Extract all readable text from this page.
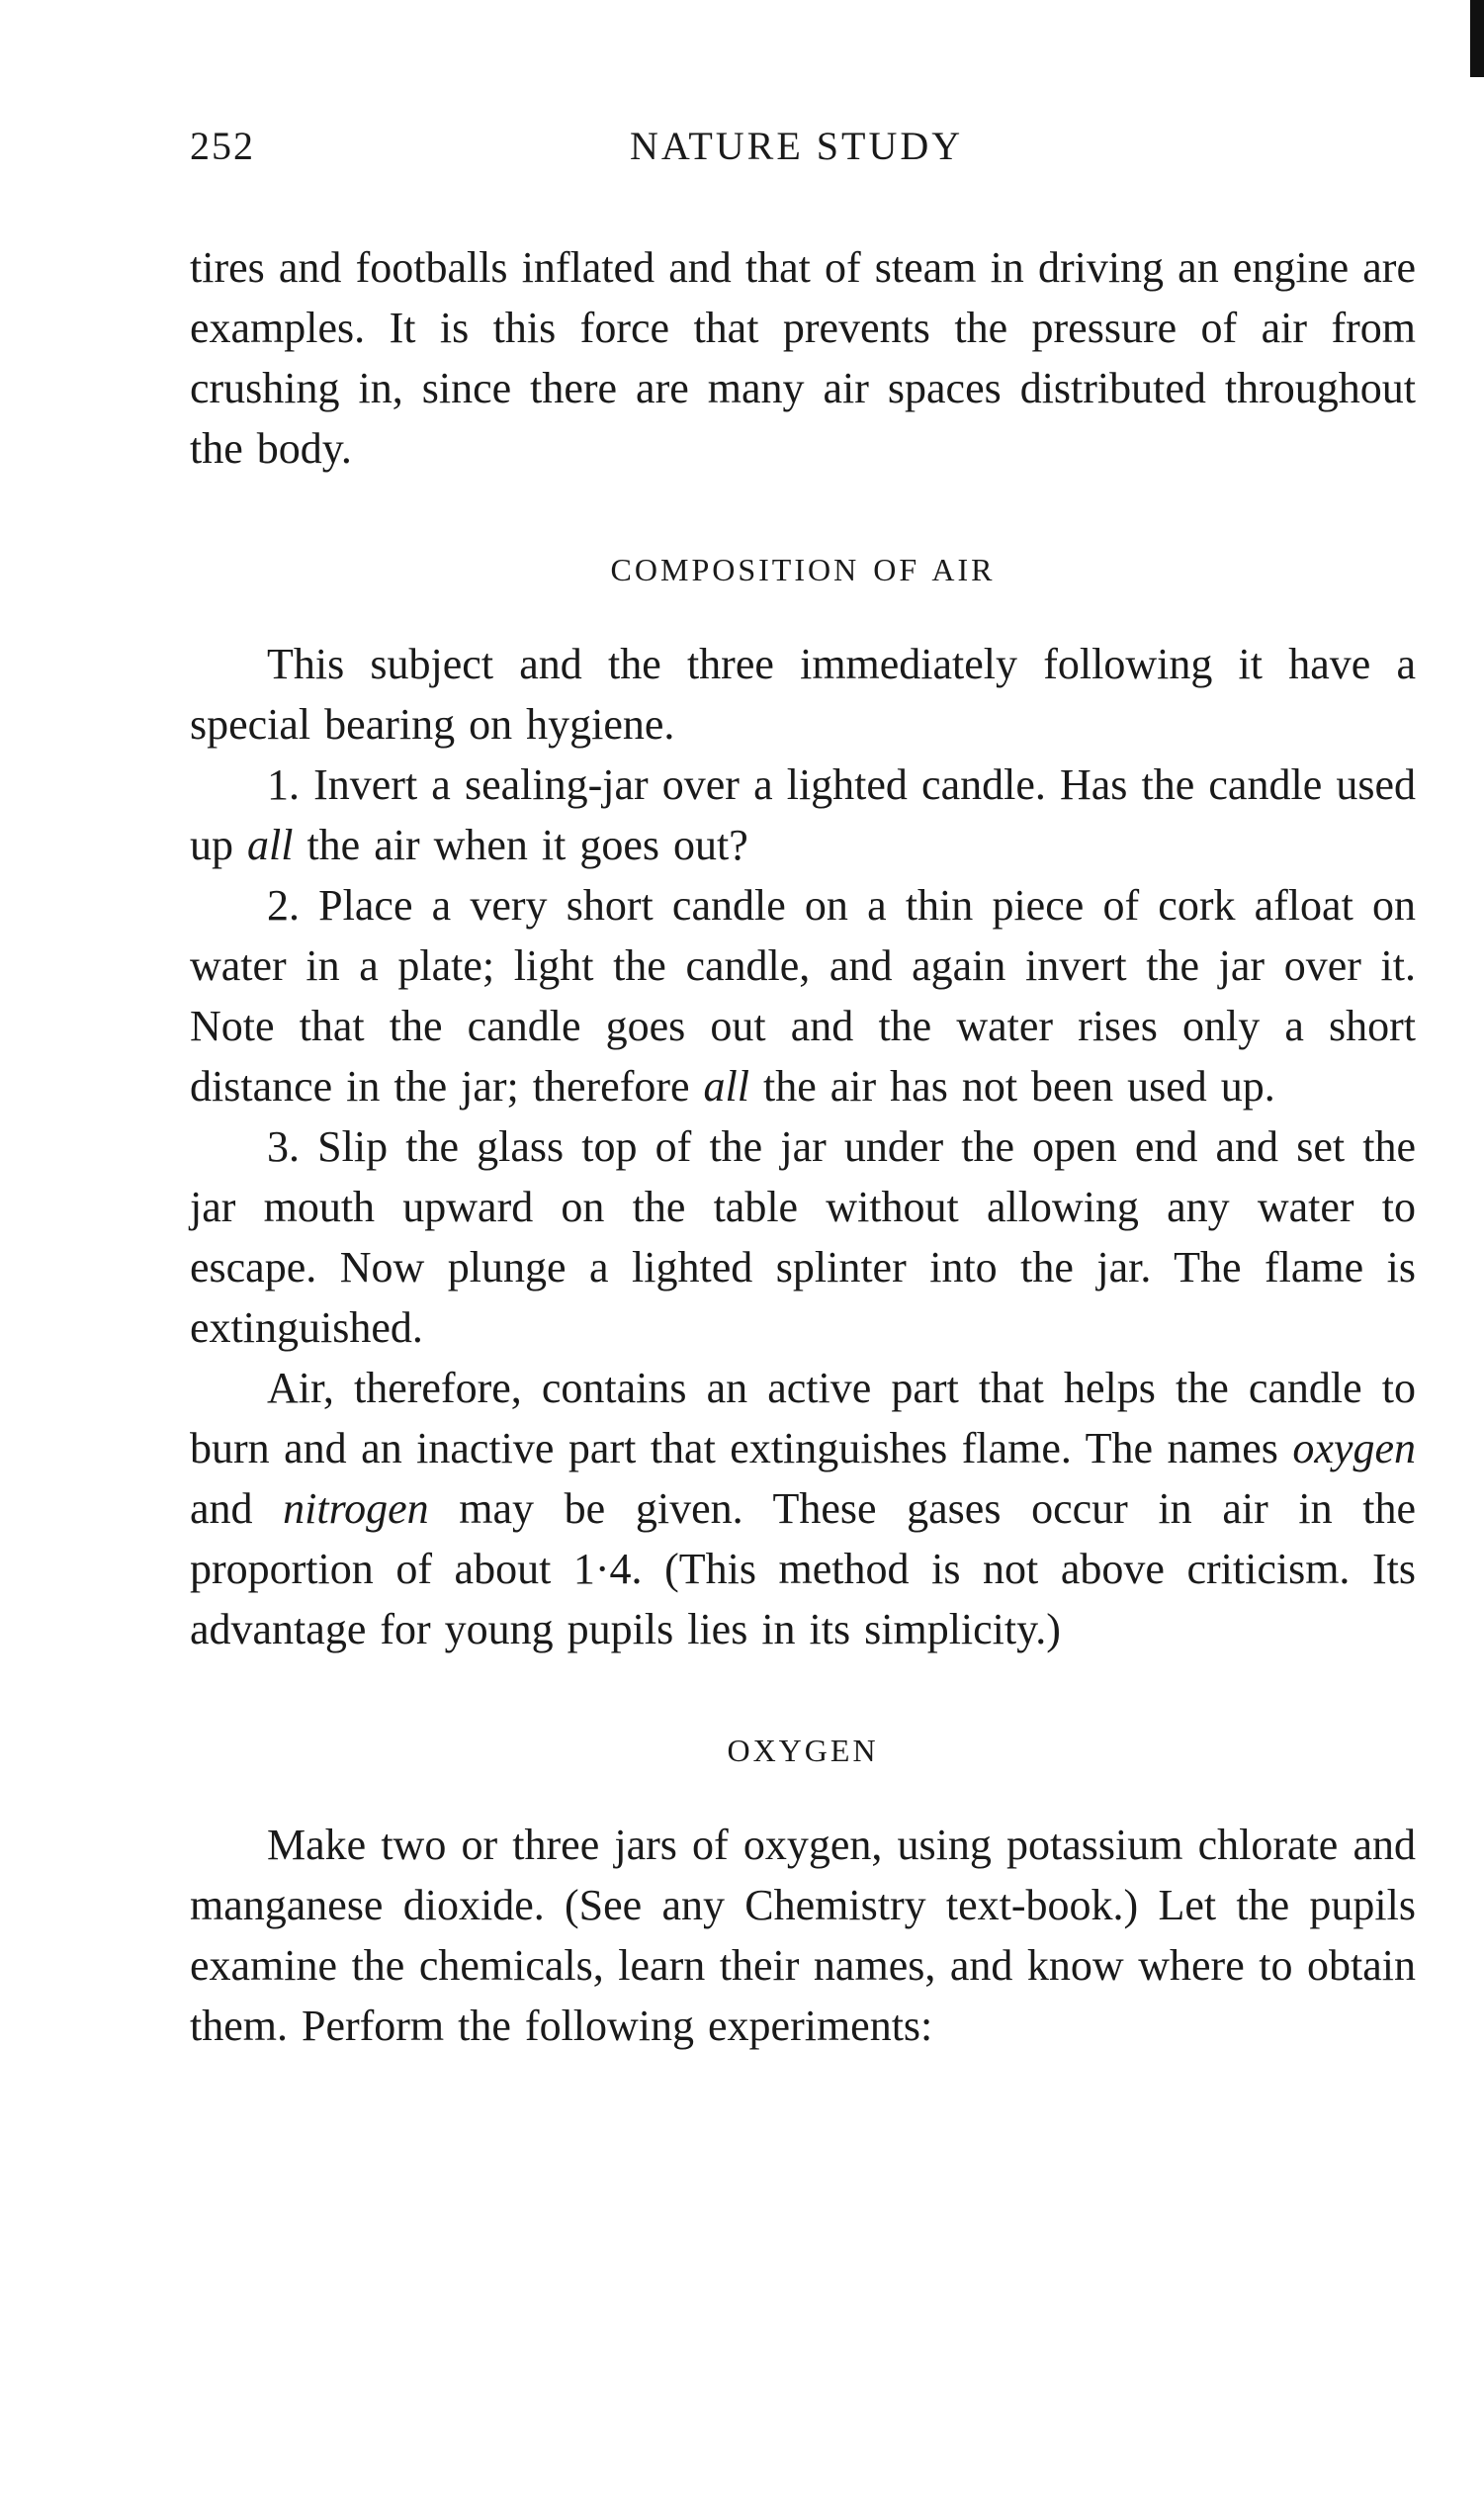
252	NATURE STUDY

tires and footballs inflated and that of steam in driving an engine are examples. It is this force that prevents the pressure of air from crushing in, since there are many air spaces distributed throughout the body.

COMPOSITION OF AIR

This subject and the three immediately following it have a special bearing on hygiene.

1. Invert a sealing-jar over a lighted candle. Has the candle used up all the air when it goes out?

2. Place a very short candle on a thin piece of cork afloat on water in a plate; light the candle, and again invert the jar over it. Note that the candle goes out and the water rises only a short distance in the jar; therefore all the air has not been used up.

3. Slip the glass top of the jar under the open end and set the jar mouth upward on the table without allowing any water to escape. Now plunge a lighted splinter into the jar. The flame is extinguished.

Air, therefore, contains an active part that helps the candle to burn and an inactive part that extinguishes flame. The names oxygen and nitrogen may be given. These gases occur in air in the proportion of about 1·4. (This method is not above criticism. Its advantage for young pupils lies in its simplicity.)

OXYGEN

Make two or three jars of oxygen, using potassium chlorate and manganese dioxide. (See any Chemistry text-book.) Let the pupils examine the chemicals, learn their names, and know where to obtain them. Perform the following experiments:
